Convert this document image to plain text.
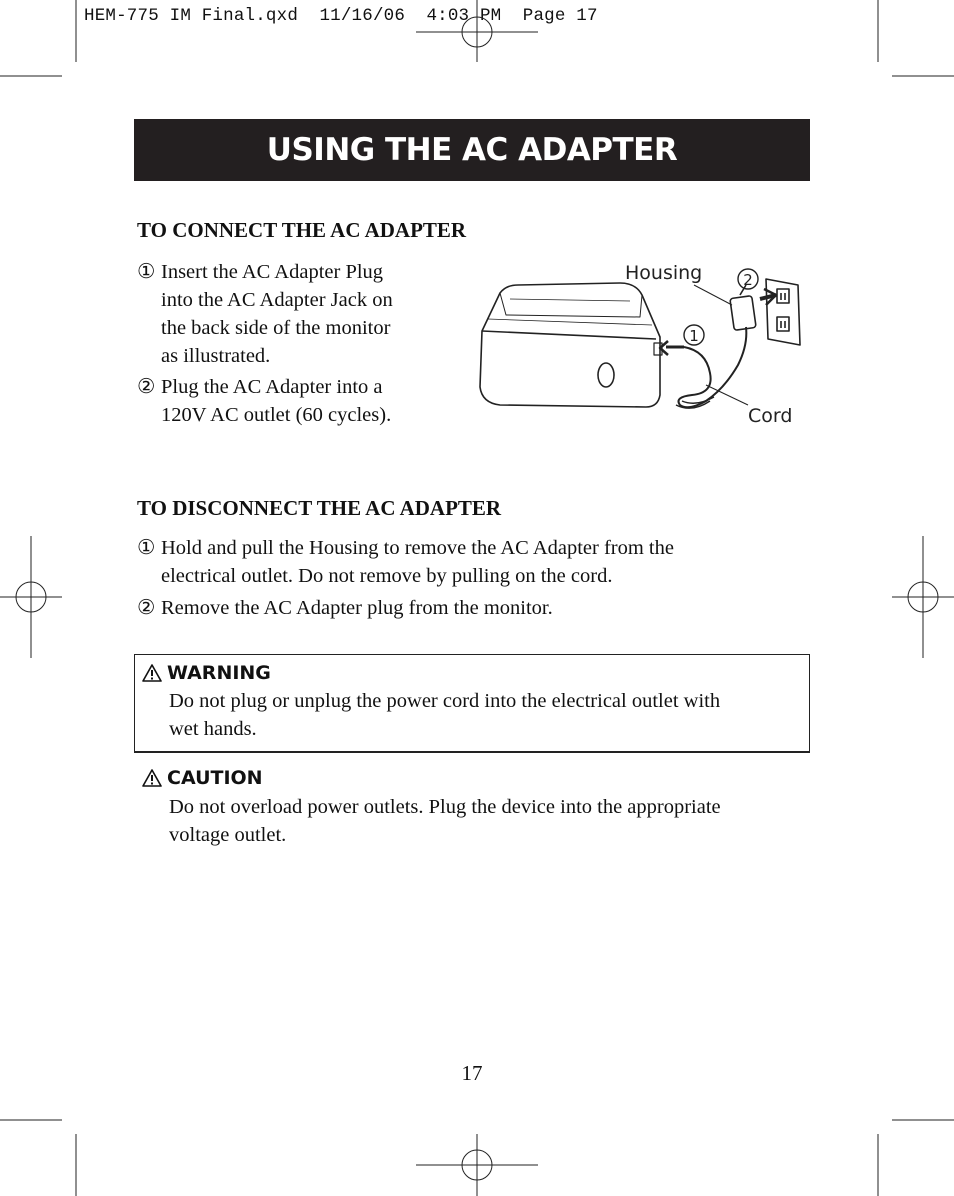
HEM-775 IM Final.qxd  11/16/06  4:03 PM  Page 17
USING THE AC ADAPTER
TO CONNECT THE AC ADAPTER
① Insert the AC Adapter Plug
into the AC Adapter Jack on
the back side of the monitor
as illustrated.
② Plug the AC Adapter into a
120V AC outlet (60 cycles).
1
2
Housing
Cord
TO DISCONNECT THE AC ADAPTER
① Hold and pull the Housing to remove the AC Adapter from the
electrical outlet. Do not remove by pulling on the cord.
② Remove the AC Adapter plug from the monitor.
WARNING
Do not plug or unplug the power cord into the electrical outlet with
wet hands.
CAUTION
Do not overload power outlets. Plug the device into the appropriate
voltage outlet.
17
